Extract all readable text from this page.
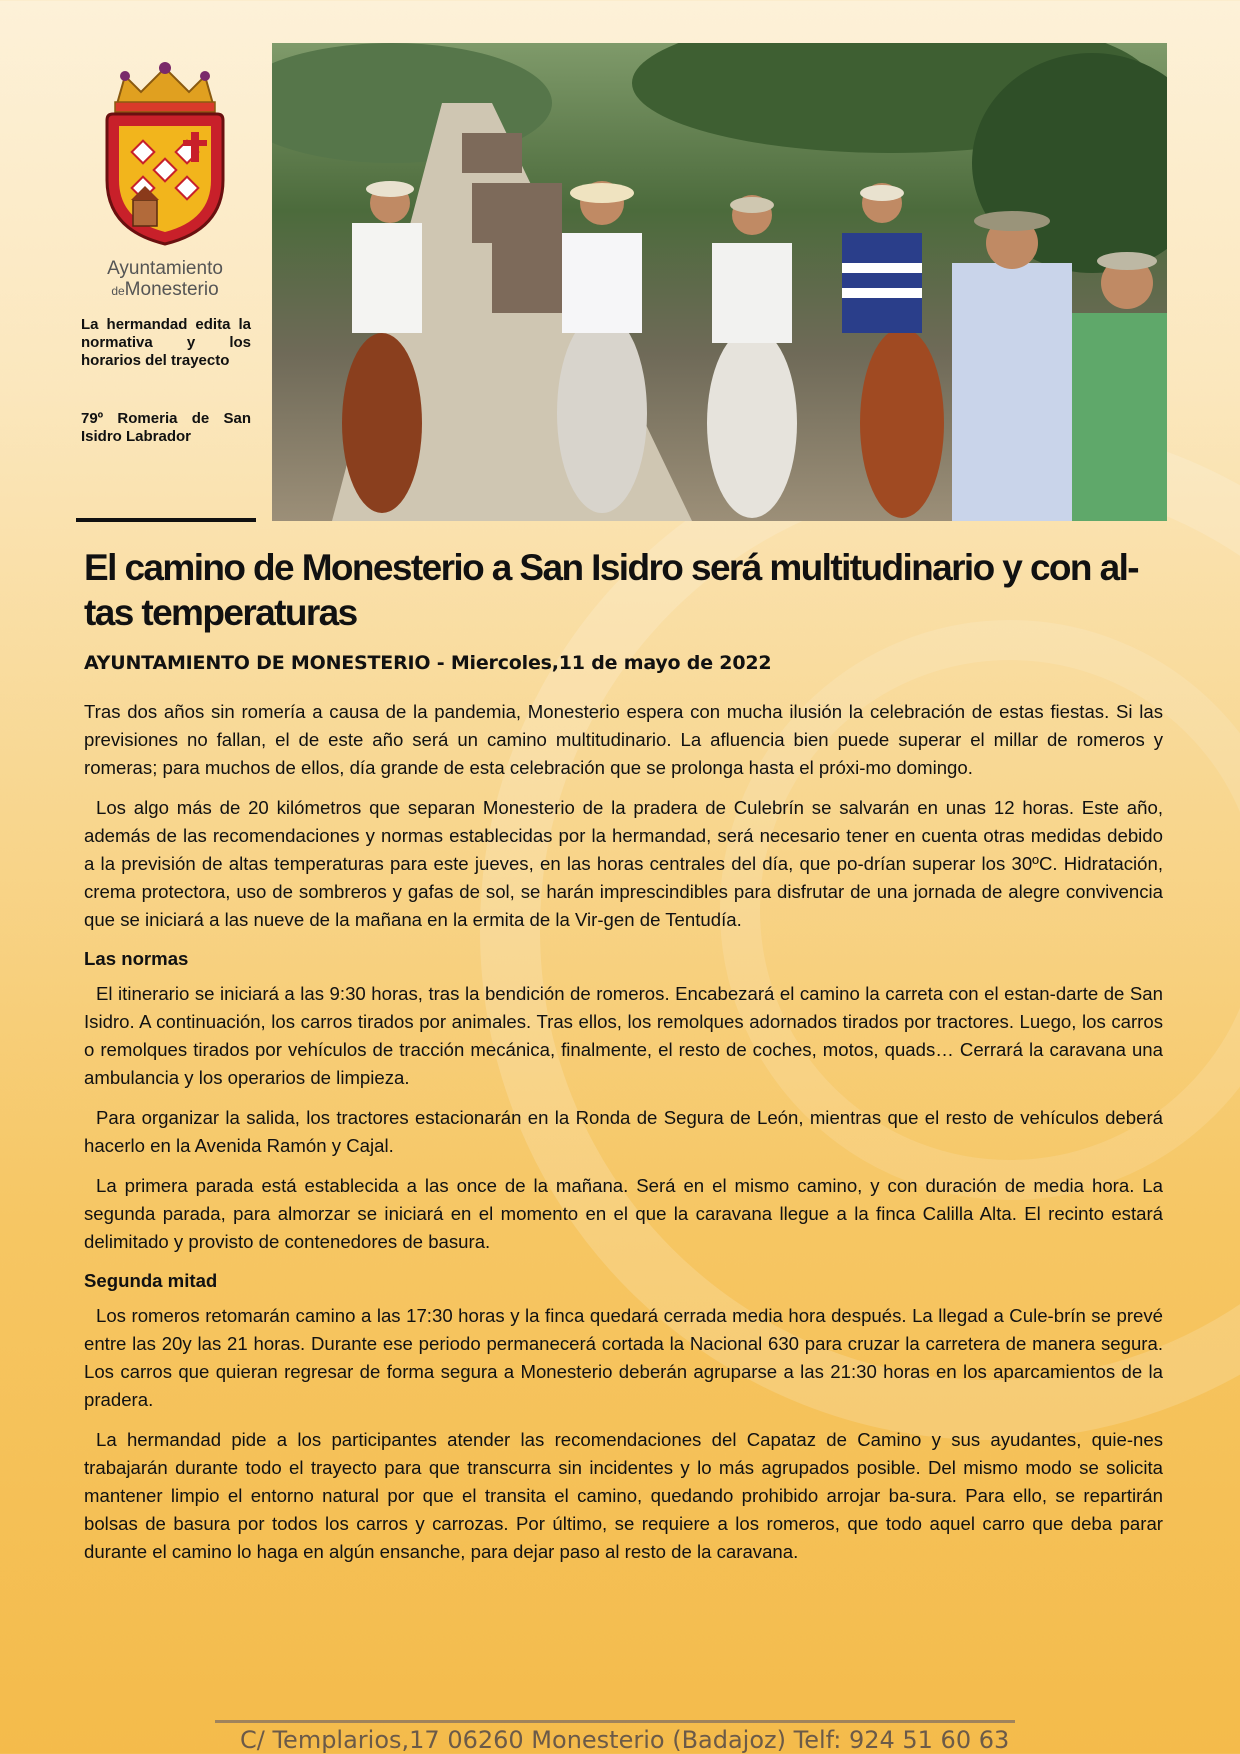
Ayuntamiento
deMonesterio
La hermandad edita la normativa y los horarios del trayecto
79º Romeria de San Isidro Labrador
El camino de Monesterio a San Isidro será multitudinario y con al-tas temperaturas
AYUNTAMIENTO DE MONESTERIO - Miercoles,11 de mayo de 2022

Tras dos años sin romería a causa de la pandemia, Monesterio espera con mucha ilusión la celebración de estas fiestas. Si las previsiones no fallan, el de este año será un camino multitudinario. La afluencia bien puede superar el millar de romeros y romeras; para muchos de ellos, día grande de esta celebración que se prolonga hasta el próxi-mo domingo.

Los algo más de 20 kilómetros que separan Monesterio de la pradera de Culebrín se salvarán en unas 12 horas. Este año, además de las recomendaciones y normas establecidas por la hermandad, será necesario tener en cuenta otras medidas debido a la previsión de altas temperaturas para este jueves, en las horas centrales del día, que po-drían superar los 30ºC. Hidratación, crema protectora, uso de sombreros y gafas de sol, se harán imprescindibles para disfrutar de una jornada de alegre convivencia que se iniciará a las nueve de la mañana en la ermita de la Vir-gen de Tentudía.

Las normas

El itinerario se iniciará a las 9:30 horas, tras la bendición de romeros. Encabezará el camino la carreta con el estan-darte de San Isidro. A continuación, los carros tirados por animales. Tras ellos, los remolques adornados tirados por tractores. Luego, los carros o remolques tirados por vehículos de tracción mecánica, finalmente, el resto de coches, motos, quads… Cerrará la caravana una ambulancia y los operarios de limpieza.

Para organizar la salida, los tractores estacionarán en la Ronda de Segura de León, mientras que el resto de vehículos deberá hacerlo en la Avenida Ramón y Cajal.

La primera parada está establecida a las once de la mañana. Será en el mismo camino, y con duración de media hora. La segunda parada, para almorzar se iniciará en el momento en el que la caravana llegue a la finca Calilla Alta. El recinto estará delimitado y provisto de contenedores de basura.

Segunda mitad

Los romeros retomarán camino a las 17:30 horas y la finca quedará cerrada media hora después. La llegad a Cule-brín se prevé entre las 20y las 21 horas. Durante ese periodo permanecerá cortada la Nacional 630 para cruzar la carretera de manera segura. Los carros que quieran regresar de forma segura a Monesterio deberán agruparse a las 21:30 horas en los aparcamientos de la pradera.

La hermandad pide a los participantes atender las recomendaciones del Capataz de Camino y sus ayudantes, quie-nes trabajarán durante todo el trayecto para que transcurra sin incidentes y lo más agrupados posible. Del mismo modo se solicita mantener limpio el entorno natural por que el transita el camino, quedando prohibido arrojar ba-sura. Para ello, se repartirán bolsas de basura por todos los carros y carrozas. Por último, se requiere a los romeros, que todo aquel carro que deba parar durante el camino lo haga en algún ensanche, para dejar paso al resto de la caravana.

C/ Templarios,17 06260 Monesterio (Badajoz) Telf: 924 51 60 63
